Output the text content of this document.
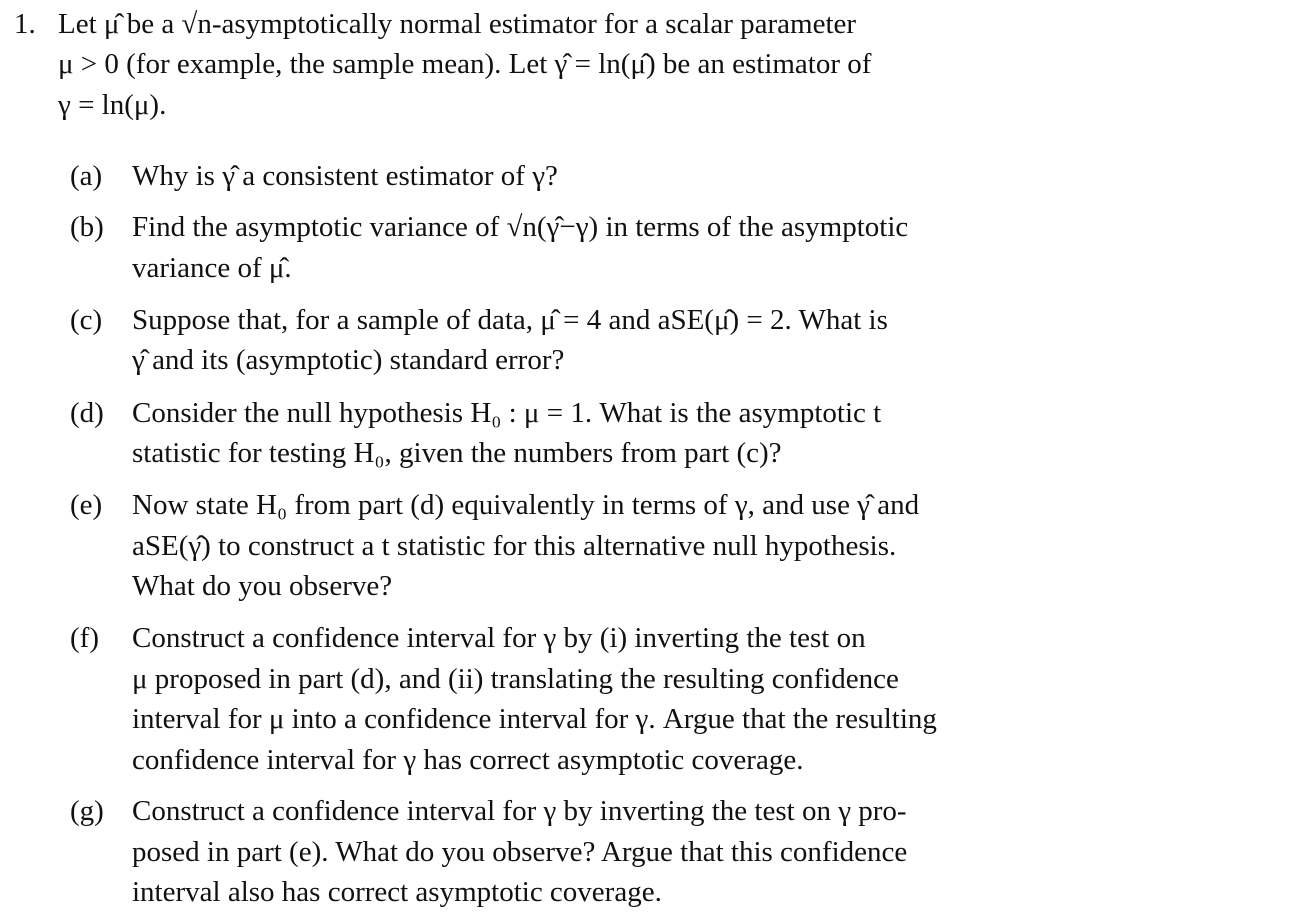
1. Let μ̂ be a √n-asymptotically normal estimator for a scalar parameter
μ > 0 (for example, the sample mean). Let γ̂ = ln(μ̂) be an estimator of
γ = ln(μ).
(a) Why is γ̂ a consistent estimator of γ?
(b) Find the asymptotic variance of √n(γ̂−γ) in terms of the asymptotic
variance of μ̂.
(c) Suppose that, for a sample of data, μ̂ = 4 and aSE(μ̂) = 2. What is
γ̂ and its (asymptotic) standard error?
(d) Consider the null hypothesis H₀ : μ = 1. What is the asymptotic t
statistic for testing H₀, given the numbers from part (c)?
(e) Now state H₀ from part (d) equivalently in terms of γ, and use γ̂ and
aSE(γ̂) to construct a t statistic for this alternative null hypothesis.
What do you observe?
(f) Construct a confidence interval for γ by (i) inverting the test on
μ proposed in part (d), and (ii) translating the resulting confidence
interval for μ into a confidence interval for γ. Argue that the resulting
confidence interval for γ has correct asymptotic coverage.
(g) Construct a confidence interval for γ by inverting the test on γ pro-
posed in part (e). What do you observe? Argue that this confidence
interval also has correct asymptotic coverage.
